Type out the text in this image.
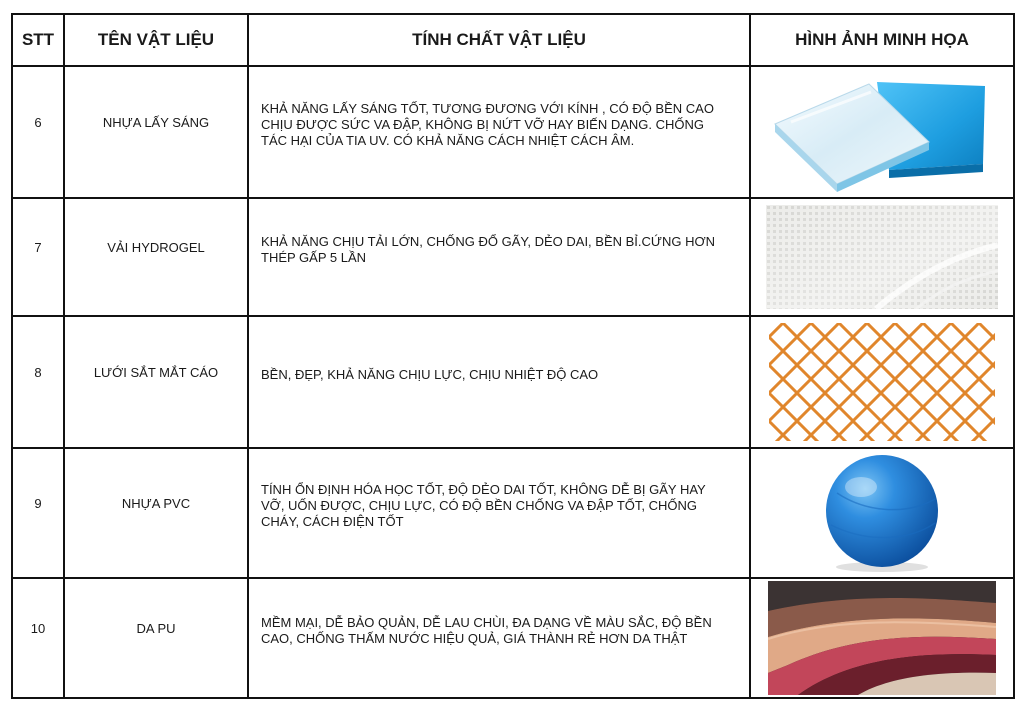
STT	TÊN VẬT LIỆU	TÍNH CHẤT VẬT LIỆU	HÌNH ẢNH MINH HỌA
6	NHỰA LẤY SÁNG	KHẢ NĂNG LẤY SÁNG TỐT, TƯƠNG ĐƯƠNG VỚI KÍNH , CÓ ĐỘ BỀN CAO CHỊU ĐƯỢC SỨC VA ĐẬP, KHÔNG BỊ NỨT VỠ HAY BIẾN DẠNG. CHỐNG TÁC HẠI CỦA TIA UV. CÓ KHẢ NĂNG CÁCH NHIỆT CÁCH ÂM.

7	VẢI HYDROGEL	KHẢ NĂNG CHỊU TẢI LỚN, CHỐNG ĐỔ GÃY, DẺO DAI, BỀN BỈ.CỨNG HƠN THÉP GẤP 5 LẦN

8	LƯỚI SẮT MẮT CÁO	BỀN, ĐẸP, KHẢ NĂNG CHỊU LỰC, CHỊU NHIỆT ĐỘ CAO

9	NHỰA PVC	TÍNH ỔN ĐỊNH HÓA HỌC TỐT, ĐỘ DẺO DAI TỐT, KHÔNG DỄ BỊ GÃY HAY VỠ, UỐN ĐƯỢC, CHỊU LỰC, CÓ ĐỘ BỀN CHỐNG VA ĐẬP TỐT, CHỐNG CHÁY, CÁCH ĐIỆN TỐT

10	DA PU	MỀM MẠI, DỄ BẢO QUẢN, DỄ LAU CHÙI, ĐA DẠNG VỀ MÀU SẮC, ĐỘ BỀN CAO, CHỐNG THẤM NƯỚC HIỆU QUẢ, GIÁ THÀNH RẺ HƠN DA THẬT
